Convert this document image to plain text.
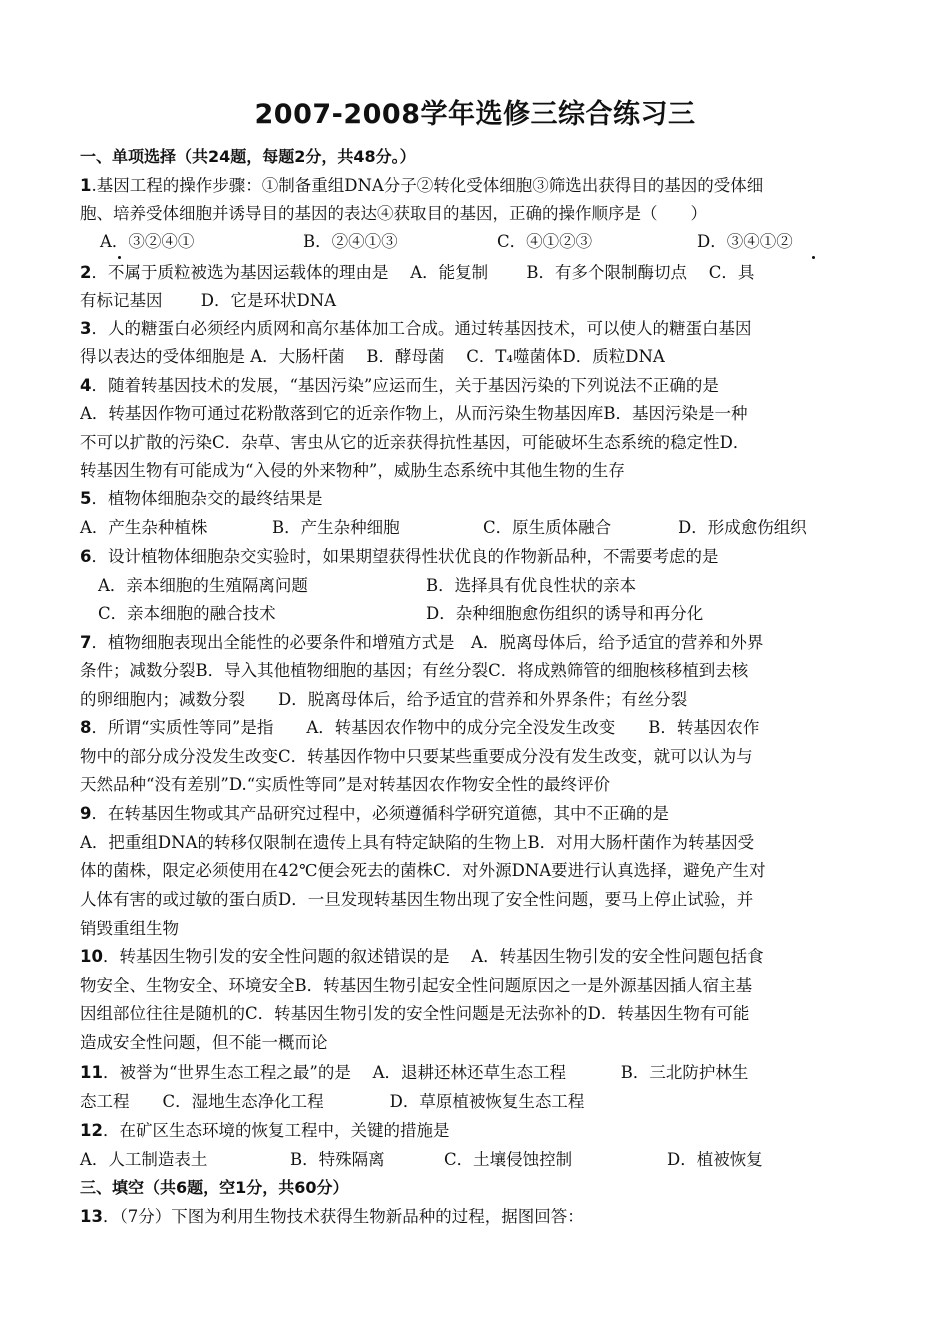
2007-2008学年选修三综合练习三
一、单项选择（共24题，每题2分，共48分。）
1.基因工程的操作步骤：①制备重组DNA分子②转化受体细胞③筛选出获得目的基因的受体细
胞、培养受体细胞并诱导目的基因的表达④获取目的基因，正确的操作顺序是（　　）
A．③②④①	B．②④①③	C．④①②③	D．③④①②
2．不属于质粒被选为基因运载体的理由是　 A．能复制　　 B．有多个限制酶切点　 C．具
有标记基因　　 D．它是环状DNA
3．人的糖蛋白必须经内质网和高尔基体加工合成。通过转基因技术，可以使人的糖蛋白基因
得以表达的受体细胞是 A．大肠杆菌　 B．酵母菌　 C．T₄噬菌体D．质粒DNA
4．随着转基因技术的发展，“基因污染”应运而生，关于基因污染的下列说法不正确的是
A．转基因作物可通过花粉散落到它的近亲作物上，从而污染生物基因库B．基因污染是一种
不可以扩散的污染C．杂草、害虫从它的近亲获得抗性基因，可能破坏生态系统的稳定性D．
转基因生物有可能成为“入侵的外来物种”，威胁生态系统中其他生物的生存
5．植物体细胞杂交的最终结果是
A．产生杂种植株	B．产生杂种细胞	C．原生质体融合	D．形成愈伤组织
6．设计植物体细胞杂交实验时，如果期望获得性状优良的作物新品种，不需要考虑的是
A．亲本细胞的生殖隔离问题	B．选择具有优良性状的亲本
C．亲本细胞的融合技术	D．杂种细胞愈伤组织的诱导和再分化
7．植物细胞表现出全能性的必要条件和增殖方式是　A．脱离母体后，给予适宜的营养和外界
条件；减数分裂B．导入其他植物细胞的基因；有丝分裂C．将成熟筛管的细胞核移植到去核
的卵细胞内；减数分裂　　D．脱离母体后，给予适宜的营养和外界条件；有丝分裂
8．所谓“实质性等同”是指　　A．转基因农作物中的成分完全没发生改变　　B．转基因农作
物中的部分成分没发生改变C．转基因作物中只要某些重要成分没有发生改变，就可以认为与
天然品种“没有差别”D.“实质性等同”是对转基因农作物安全性的最终评价
9．在转基因生物或其产品研究过程中，必须遵循科学研究道德，其中不正确的是
A．把重组DNA的转移仅限制在遗传上具有特定缺陷的生物上B．对用大肠杆菌作为转基因受
体的菌株，限定必须使用在42℃便会死去的菌株C．对外源DNA要进行认真选择，避免产生对
人体有害的或过敏的蛋白质D．一旦发现转基因生物出现了安全性问题，要马上停止试验，并
销毁重组生物
10．转基因生物引发的安全性问题的叙述错误的是　 A．转基因生物引发的安全性问题包括食
物安全、生物安全、环境安全B．转基因生物引起安全性问题原因之一是外源基因插人宿主基
因组部位往往是随机的C．转基因生物引发的安全性问题是无法弥补的D．转基因生物有可能
造成安全性问题，但不能一概而论
11．被誉为“世界生态工程之最”的是　 A．退耕还林还草生态工程　　　 B．三北防护林生
态工程　　C．湿地生态净化工程　　　　D．草原植被恢复生态工程
12．在矿区生态环境的恢复工程中，关键的措施是
A．人工制造表土	B．特殊隔离	C．土壤侵蚀控制	D．植被恢复
三、填空（共6题，空1分，共60分）
13．（7分）下图为利用生物技术获得生物新品种的过程，据图回答：
